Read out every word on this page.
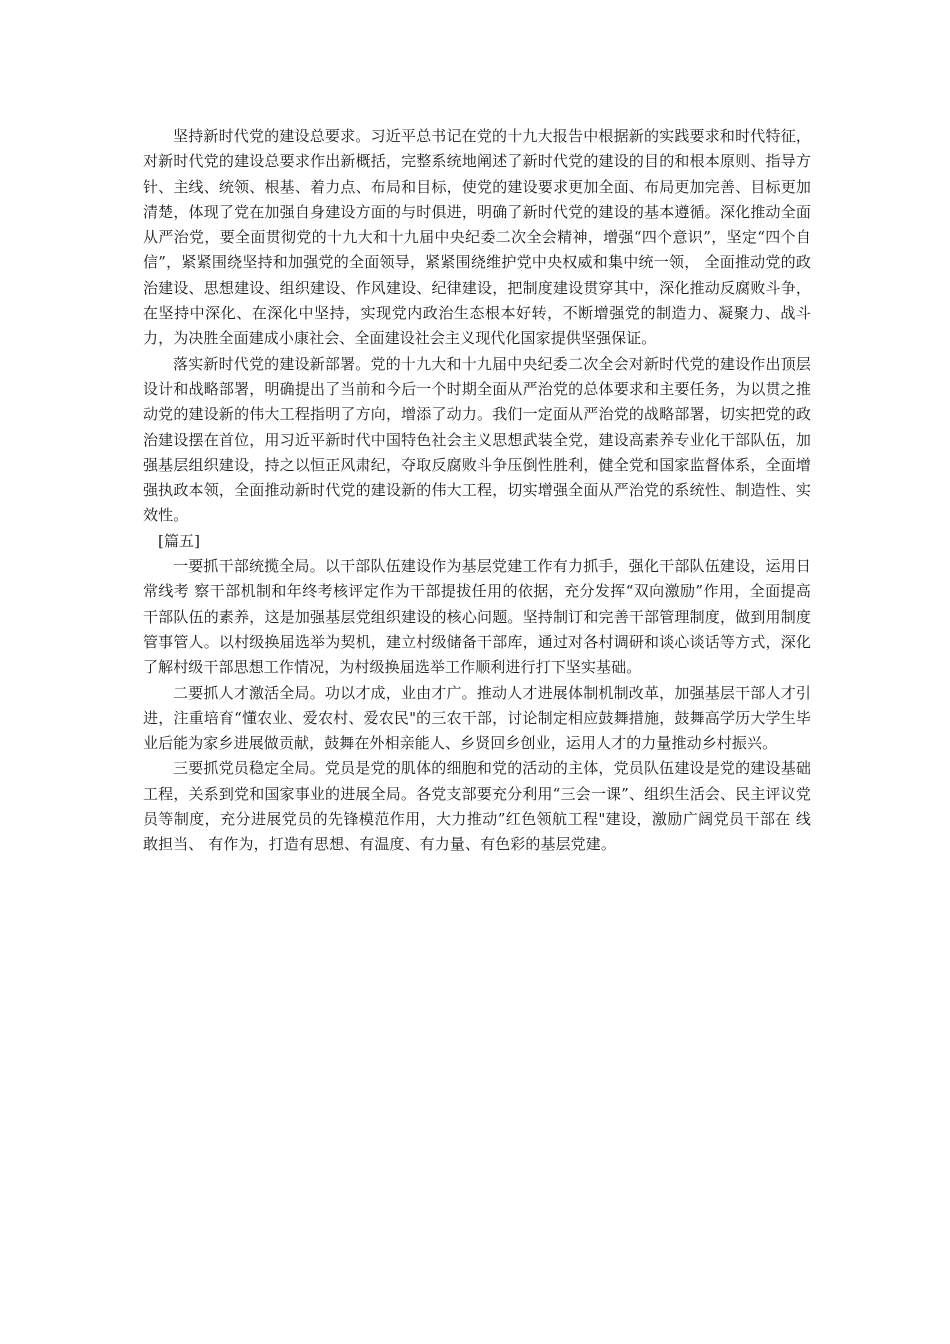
坚持新时代党的建设总要求。习近平总书记在党的十九大报告中根据新的实践要求和时代特征，对新时代党的建设总要求作出新概括，完整系统地阐述了新时代党的建设的目的和根本原则、指导方针、主线、统领、根基、着力点、布局和目标，使党的建设要求更加全面、布局更加完善、目标更加清楚，体现了党在加强自身建设方面的与时俱进，明确了新时代党的建设的基本遵循。深化推动全面从严治党，要全面贯彻党的十九大和十九届中央纪委二次全会精神，增强“四个意识”，坚定“四个自信”，紧紧围绕坚持和加强党的全面领导，紧紧围绕维护党中央权威和集中统一领， 全面推动党的政治建设、思想建设、组织建设、作风建设、纪律建设，把制度建设贯穿其中，深化推动反腐败斗争，在坚持中深化、在深化中坚持，实现党内政治生态根本好转，不断增强党的制造力、凝聚力、战斗力，为决胜全面建成小康社会、全面建设社会主义现代化国家提供坚强保证。

落实新时代党的建设新部署。党的十九大和十九届中央纪委二次全会对新时代党的建设作出顶层设计和战略部署，明确提出了当前和今后一个时期全面从严治党的总体要求和主要任务，为以贯之推动党的建设新的伟大工程指明了方向，增添了动力。我们一定面从严治党的战略部署，切实把党的政治建设摆在首位，用习近平新时代中国特色社会主义思想武装全党，建设高素养专业化干部队伍，加强基层组织建设，持之以恒正风肃纪，夺取反腐败斗争压倒性胜利，健全党和国家监督体系，全面增强执政本领，全面推动新时代党的建设新的伟大工程，切实增强全面从严治党的系统性、制造性、实效性。

[篇五]

一要抓干部统揽全局。以干部队伍建设作为基层党建工作有力抓手，强化干部队伍建设，运用日常线考 察干部机制和年终考核评定作为干部提拔任用的依据，充分发挥“双向激励”作用，全面提高干部队伍的素养，这是加强基层党组织建设的核心问题。坚持制订和完善干部管理制度，做到用制度管事管人。以村级换届选举为契机，建立村级储备干部库，通过对各村调研和谈心谈话等方式，深化了解村级干部思想工作情况，为村级换届选举工作顺利进行打下坚实基础。

二要抓人才激活全局。功以才成，业由才广。推动人才进展体制机制改革，加强基层干部人才引进，注重培育“懂农业、爱农村、爱农民"的三农干部，讨论制定相应鼓舞措施，鼓舞高学历大学生毕业后能为家乡进展做贡献，鼓舞在外相亲能人、乡贤回乡创业，运用人才的力量推动乡村振兴。

三要抓党员稳定全局。党员是党的肌体的细胞和党的活动的主体，党员队伍建设是党的建设基础工程，关系到党和国家事业的进展全局。各党支部要充分利用“三会一课”、组织生活会、民主评议党员等制度，充分进展党员的先锋模范作用，大力推动”红色领航工程"建设，激励广阔党员干部在 线敢担当、 有作为，打造有思想、有温度、有力量、有色彩的基层党建。
